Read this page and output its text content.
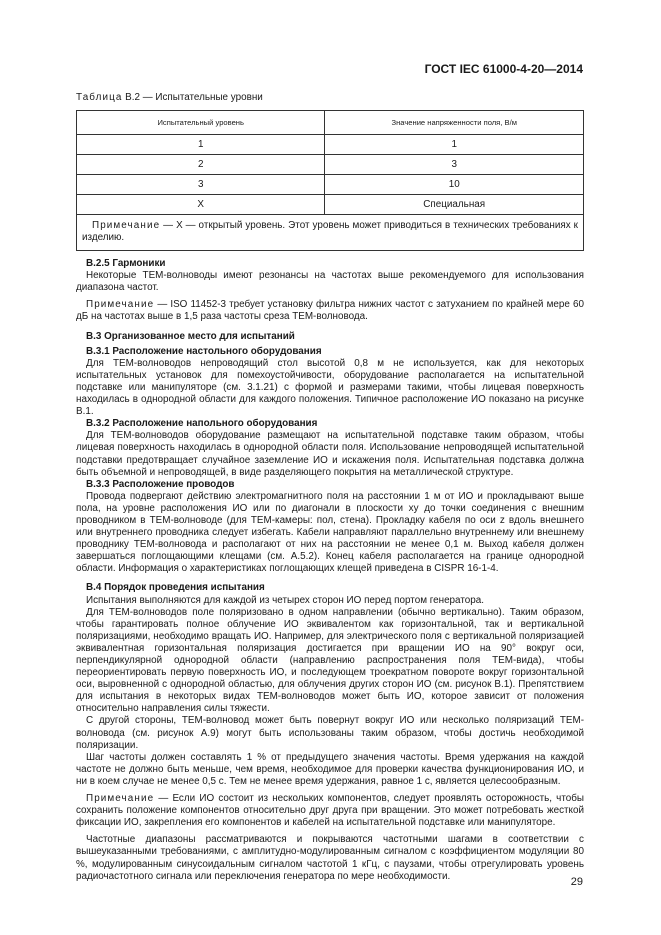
ГОСТ IEC 61000-4-20—2014

Таблица В.2 — Испытательные уровни

Испытательный уровень	Значение напряженности поля, В/м
1	1
2	3
3	10
X	Специальная
Примечание — X — открытый уровень. Этот уровень может приводиться в технических требованиях к изделию.	

В.2.5 Гармоники

Некоторые ТЕМ-волноводы имеют резонансы на частотах выше рекомендуемого для использования диапазона частот.

Примечание — ISO 11452-3 требует установку фильтра нижних частот с затуханием по крайней мере 60 дБ на частотах выше в 1,5 раза частоты среза ТЕМ-волновода.

В.3 Организованное место для испытаний

В.3.1 Расположение настольного оборудования

Для ТЕМ-волноводов непроводящий стол высотой 0,8 м не используется, как для некоторых испытательных установок для помехоустойчивости, оборудование располагается на испытательной подставке или манипуляторе (см. 3.1.21) с формой и размерами такими, чтобы лицевая поверхность находилась в однородной области для каждого положения. Типичное расположение ИО показано на рисунке В.1.

В.3.2 Расположение напольного оборудования

Для ТЕМ-волноводов оборудование размещают на испытательной подставке таким образом, чтобы лицевая поверхность находилась в однородной области поля. Использование непроводящей испытательной подставки предотвращает случайное заземление ИО и искажения поля. Испытательная подставка должна быть объемной и непроводящей, в виде разделяющего покрытия на металлической структуре.

В.3.3 Расположение проводов

Провода подвергают действию электромагнитного поля на расстоянии 1 м от ИО и прокладывают выше пола, на уровне расположения ИО или по диагонали в плоскости xy до точки соединения с внешним проводником в ТЕМ-волноводе (для ТЕМ-камеры: пол, стена). Прокладку кабеля по оси z вдоль внешнего или внутреннего проводника следует избегать. Кабели направляют параллельно внутреннему или внешнему проводнику ТЕМ-волновода и располагают от них на расстоянии не менее 0,1 м. Выход кабеля должен завершаться поглощающими клещами (см. А.5.2). Конец кабеля располагается на границе однородной области. Информация о характеристиках поглощающих клещей приведена в CISPR 16-1-4.

В.4 Порядок проведения испытания

Испытания выполняются для каждой из четырех сторон ИО перед портом генератора.

Для ТЕМ-волноводов поле поляризовано в одном направлении (обычно вертикально). Таким образом, чтобы гарантировать полное облучение ИО эквивалентом как горизонтальной, так и вертикальной поляризациями, необходимо вращать ИО. Например, для электрического поля с вертикальной поляризацией эквивалентная горизонтальная поляризация достигается при вращении ИО на 90° вокруг оси, перпендикулярной однородной области (направлению распространения поля ТЕМ-вида), чтобы переориентировать первую поверхность ИО, и последующем троекратном повороте вокруг горизонтальной оси, выровненной с однородной областью, для облучения других сторон ИО (см. рисунок В.1). Препятствием для испытания в некоторых видах ТЕМ-волноводов может быть ИО, которое зависит от положения относительно направления силы тяжести.

С другой стороны, ТЕМ-волновод может быть повернут вокруг ИО или несколько поляризаций ТЕМ-волновода (см. рисунок А.9) могут быть использованы таким образом, чтобы достичь необходимой поляризации.

Шаг частоты должен составлять 1 % от предыдущего значения частоты. Время удержания на каждой частоте не должно быть меньше, чем время, необходимое для проверки качества функционирования ИО, и ни в коем случае не менее 0,5 с. Тем не менее время удержания, равное 1 с, является целесообразным.

Примечание — Если ИО состоит из нескольких компонентов, следует проявлять осторожность, чтобы сохранить положение компонентов относительно друг друга при вращении. Это может потребовать жесткой фиксации ИО, закрепления его компонентов и кабелей на испытательной подставке или манипуляторе.

Частотные диапазоны рассматриваются и покрываются частотными шагами в соответствии с вышеуказанными требованиями, с амплитудно-модулированным сигналом с коэффициентом модуляции 80 %, модулированным синусоидальным сигналом частотой 1 кГц, с паузами, чтобы отрегулировать уровень радиочастотного сигнала или переключения генератора по мере необходимости.	29
